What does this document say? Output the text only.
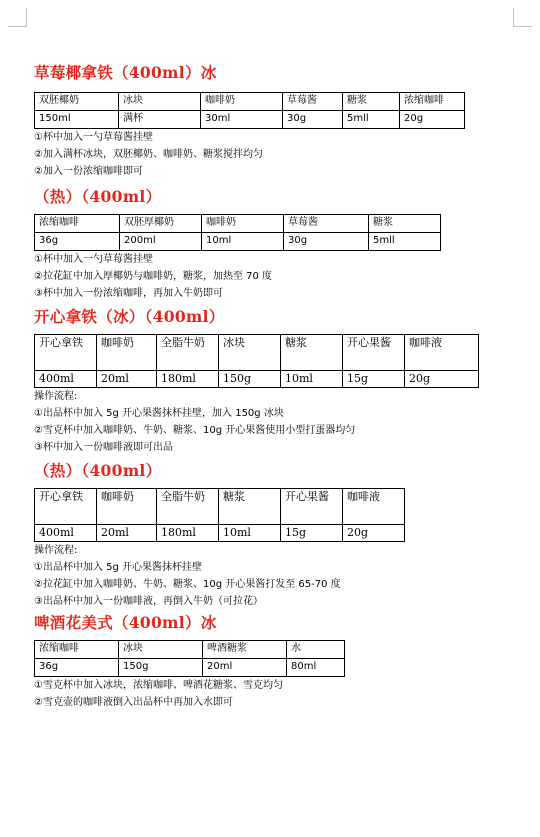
草莓椰拿铁（400ml）冰
双胚椰奶	冰块	咖啡奶	草莓酱	糖浆	浓缩咖啡
150ml	满杯	30ml	30g	5mll	20g
①杯中加入一勺草莓酱挂壁
②加入满杯冰块，双胚椰奶、咖啡奶、糖浆搅拌均匀
②加入一份浓缩咖啡即可
（热）（400ml）
浓缩咖啡	双胚厚椰奶	咖啡奶	草莓酱	糖浆
36g	200ml	10ml	30g	5mll
①杯中加入一勺草莓酱挂壁
②拉花缸中加入厚椰奶与咖啡奶，糖浆，加热至 70 度
③杯中加入一份浓缩咖啡，再加入牛奶即可
开心拿铁（冰）（400ml）
开心拿铁	咖啡奶	全脂牛奶	冰块	糖浆	开心果酱	咖啡液
400ml	20ml	180ml	150g	10ml	15g	20g
操作流程:
①出品杯中加入 5g 开心果酱抹杯挂壁，加入 150g 冰块
②雪克杯中加入咖啡奶、牛奶、糖浆、10g 开心果酱使用小型打蛋器均匀
③杯中加入一份咖啡液即可出品
（热）（400ml）
开心拿铁	咖啡奶	全脂牛奶	糖浆	开心果酱	咖啡液
400ml	20ml	180ml	10ml	15g	20g
操作流程:
①出品杯中加入 5g 开心果酱抹杯挂壁
②拉花缸中加入咖啡奶、牛奶、糖浆、10g 开心果酱打发至 65-70 度
③出品杯中加入一份咖啡液，再倒入牛奶（可拉花）
啤酒花美式（400ml）冰
浓缩咖啡	冰块	啤酒糖浆	水
36g	150g	20ml	80ml
①雪克杯中加入冰块，浓缩咖啡、啤酒花糖浆、雪克均匀
②雪克壶的咖啡液倒入出品杯中再加入水即可
